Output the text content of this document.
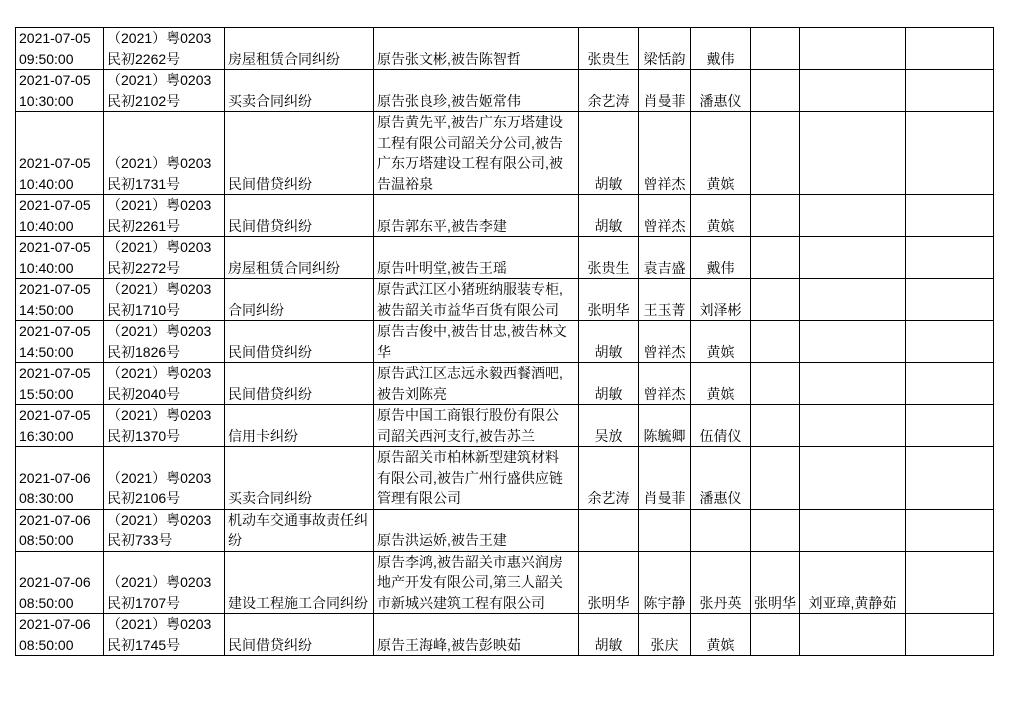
2021-07-05
09:50:00	（2021）粤0203
民初2262号	房屋租赁合同纠纷	原告张文彬,被告陈智哲	张贵生	梁恬韵	戴伟			

2021-07-05
10:30:00	（2021）粤0203
民初2102号	买卖合同纠纷	原告张良珍,被告姬常伟	余艺涛	肖曼菲	潘惠仪			

2021-07-05
10:40:00	（2021）粤0203
民初1731号	民间借贷纠纷	原告黄先平,被告广东万塔建设
工程有限公司韶关分公司,被告
广东万塔建设工程有限公司,被
告温裕泉	胡敏	曾祥杰	黄嫔			

2021-07-05
10:40:00	（2021）粤0203
民初2261号	民间借贷纠纷	原告郭东平,被告李建	胡敏	曾祥杰	黄嫔			

2021-07-05
10:40:00	（2021）粤0203
民初2272号	房屋租赁合同纠纷	原告叶明堂,被告王瑶	张贵生	袁吉盛	戴伟			

2021-07-05
14:50:00	（2021）粤0203
民初1710号	合同纠纷	原告武江区小猪班纳服装专柜,
被告韶关市益华百货有限公司	张明华	王玉菁	刘泽彬			

2021-07-05
14:50:00	（2021）粤0203
民初1826号	民间借贷纠纷	原告吉俊中,被告甘忠,被告林文
华	胡敏	曾祥杰	黄嫔			

2021-07-05
15:50:00	（2021）粤0203
民初2040号	民间借贷纠纷	原告武江区志远永毅西餐酒吧,
被告刘陈亮	胡敏	曾祥杰	黄嫔			

2021-07-05
16:30:00	（2021）粤0203
民初1370号	信用卡纠纷	原告中国工商银行股份有限公
司韶关西河支行,被告苏兰	吴放	陈毓卿	伍倩仪			

2021-07-06
08:30:00	（2021）粤0203
民初2106号	买卖合同纠纷	原告韶关市柏林新型建筑材料
有限公司,被告广州行盛供应链
管理有限公司	余艺涛	肖曼菲	潘惠仪			

2021-07-06
08:50:00	（2021）粤0203
民初733号	机动车交通事故责任纠
纷	原告洪运娇,被告王建						

2021-07-06
08:50:00	（2021）粤0203
民初1707号	建设工程施工合同纠纷	原告李鸿,被告韶关市惠兴润房
地产开发有限公司,第三人韶关
市新城兴建筑工程有限公司	张明华	陈宇静	张丹英	张明华	刘亚璋,黄静茹	

2021-07-06
08:50:00	（2021）粤0203
民初1745号	民间借贷纠纷	原告王海峰,被告彭映茹	胡敏	张庆	黄嫔			
